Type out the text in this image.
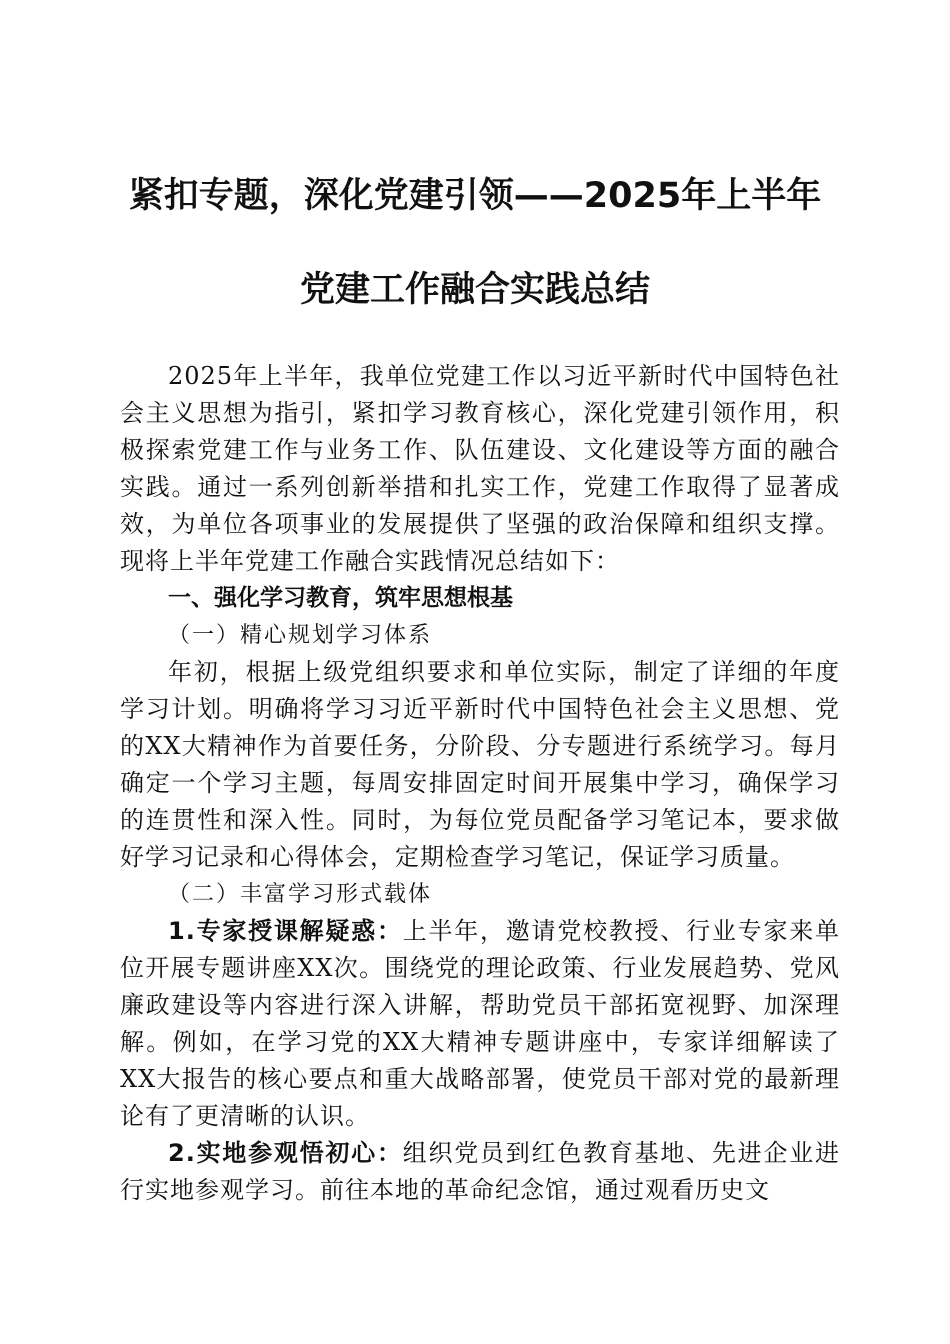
紧扣专题，深化党建引领——2025年上半年
党建工作融合实践总结

2025年上半年，我单位党建工作以习近平新时代中国特色社会主义思想为指引，紧扣学习教育核心，深化党建引领作用，积极探索党建工作与业务工作、队伍建设、文化建设等方面的融合实践。通过一系列创新举措和扎实工作，党建工作取得了显著成效，为单位各项事业的发展提供了坚强的政治保障和组织支撑。现将上半年党建工作融合实践情况总结如下：

一、强化学习教育，筑牢思想根基

（一）精心规划学习体系

年初，根据上级党组织要求和单位实际，制定了详细的年度学习计划。明确将学习习近平新时代中国特色社会主义思想、党的XX大精神作为首要任务，分阶段、分专题进行系统学习。每月确定一个学习主题，每周安排固定时间开展集中学习，确保学习的连贯性和深入性。同时，为每位党员配备学习笔记本，要求做好学习记录和心得体会，定期检查学习笔记，保证学习质量。

（二）丰富学习形式载体

1.专家授课解疑惑：上半年，邀请党校教授、行业专家来单位开展专题讲座XX次。围绕党的理论政策、行业发展趋势、党风廉政建设等内容进行深入讲解，帮助党员干部拓宽视野、加深理解。例如，在学习党的XX大精神专题讲座中，专家详细解读了XX大报告的核心要点和重大战略部署，使党员干部对党的最新理论有了更清晰的认识。

2.实地参观悟初心：组织党员到红色教育基地、先进企业进行实地参观学习。前往本地的革命纪念馆，通过观看历史文
